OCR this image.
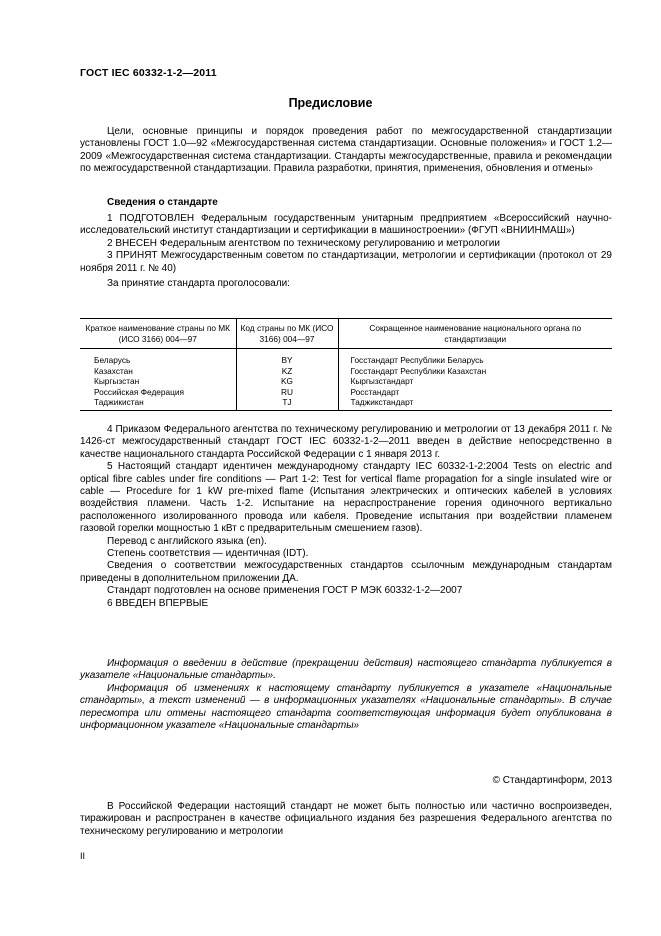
ГОСТ IEC 60332-1-2—2011
Предисловие

Цели, основные принципы и порядок проведения работ по межгосударственной стандартизации установлены ГОСТ 1.0—92 «Межгосударственная система стандартизации. Основные положения» и ГОСТ 1.2—2009 «Межгосударственная система стандартизации. Стандарты межгосударственные, правила и рекомендации по межгосударственной стандартизации. Правила разработки, принятия, применения, обновления и отмены»

Сведения о стандарте

1 ПОДГОТОВЛЕН Федеральным государственным унитарным предприятием «Всероссийский научно-исследовательский институт стандартизации и сертификации в машиностроении» (ФГУП «ВНИИНМАШ»)

2 ВНЕСЕН Федеральным агентством по техническому регулированию и метрологии

3 ПРИНЯТ Межгосударственным советом по стандартизации, метрологии и сертификации (протокол от 29 ноября 2011 г. № 40)

За принятие стандарта проголосовали:

Краткое наименование страны по МК (ИСО 3166) 004—97	Код страны по МК (ИСО 3166) 004—97	Сокращенное наименование национального органа по стандартизации
Беларусь	BY	Госстандарт Республики Беларусь
Казахстан	KZ	Госстандарт Республики Казахстан
Кыргызстан	KG	Кыргызстандарт
Российская Федерация	RU	Росстандарт
Таджикистан	TJ	Таджикстандарт

4 Приказом Федерального агентства по техническому регулированию и метрологии от 13 декабря 2011 г. № 1426-ст межгосударственный стандарт ГОСТ IEC 60332-1-2—2011 введен в действие непосредственно в качестве национального стандарта Российской Федерации с 1 января 2013 г.

5 Настоящий стандарт идентичен международному стандарту IEC 60332-1-2:2004 Tests on electric and optical fibre cables under fire conditions — Part 1-2: Test for vertical flame propagation for a single insulated wire or cable — Procedure for 1 kW pre-mixed flame (Испытания электрических и оптических кабелей в условиях воздействия пламени. Часть 1-2. Испытание на нераспространение горения одиночного вертикально расположенного изолированного провода или кабеля. Проведение испытания при воздействии пламенем газовой горелки мощностью 1 кВт с предварительным смешением газов).

Перевод с английского языка (en).

Степень соответствия — идентичная (IDT).

Сведения о соответствии межгосударственных стандартов ссылочным международным стандартам приведены в дополнительном приложении ДА.

Стандарт подготовлен на основе применения ГОСТ Р МЭК 60332-1-2—2007

6 ВВЕДЕН ВПЕРВЫЕ

Информация о введении в действие (прекращении действия) настоящего стандарта публикуется в указателе «Национальные стандарты».

Информация об изменениях к настоящему стандарту публикуется в указателе «Национальные стандарты», а текст изменений — в информационных указателях «Национальные стандарты». В случае пересмотра или отмены настоящего стандарта соответствующая информация будет опубликована в информационном указателе «Национальные стандарты»

© Стандартинформ, 2013

В Российской Федерации настоящий стандарт не может быть полностью или частично воспроизведен, тиражирован и распространен в качестве официального издания без разрешения Федерального агентства по техническому регулированию и метрологии

II
